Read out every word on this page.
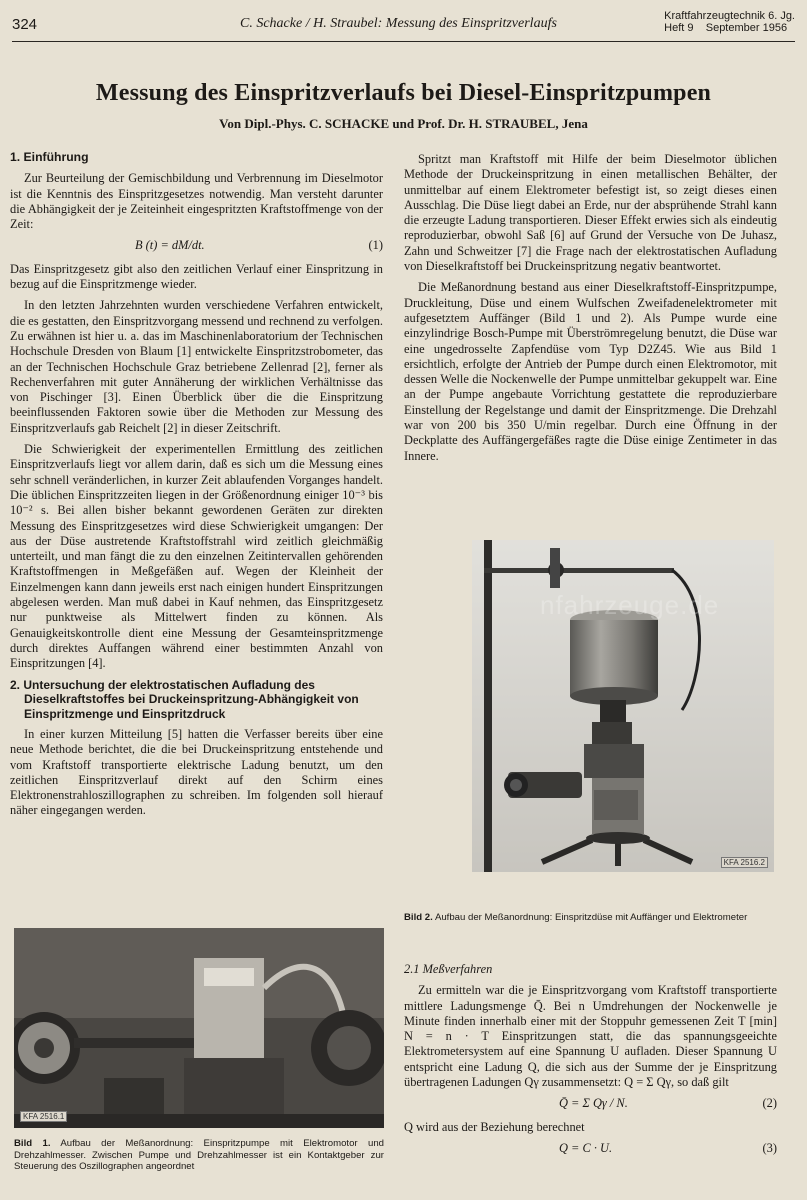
324	C. Schacke / H. Straubel: Messung des Einspritzverlaufs	Kraftfahrzeugtechnik 6. Jg.
Heft 9 September 1956
Messung des Einspritzverlaufs bei Diesel-Einspritzpumpen
Von Dipl.-Phys. C. SCHACKE und Prof. Dr. H. STRAUBEL, Jena
1. Einführung

Zur Beurteilung der Gemischbildung und Verbrennung im Dieselmotor ist die Kenntnis des Einspritzgesetzes notwendig. Man versteht darunter die Abhängigkeit der je Zeiteinheit eingespritzten Kraftstoffmenge von der Zeit:

B (t) = dM/dt.	(1)

Das Einspritzgesetz gibt also den zeitlichen Verlauf einer Einspritzung in bezug auf die Einspritzmenge wieder.

In den letzten Jahrzehnten wurden verschiedene Verfahren entwickelt, die es gestatten, den Einspritzvorgang messend und rechnend zu verfolgen. Zu erwähnen ist hier u. a. das im Maschinenlaboratorium der Technischen Hochschule Dresden von Blaum [1] entwickelte Einspritzstrobometer, das an der Technischen Hochschule Graz betriebene Zellenrad [2], ferner als Rechenverfahren mit guter Annäherung der wirklichen Verhältnisse das von Pischinger [3]. Einen Überblick über die die Einspritzung beeinflussenden Faktoren sowie über die Methoden zur Messung des Einspritzverlaufs gab Reichelt [2] in dieser Zeitschrift.

Die Schwierigkeit der experimentellen Ermittlung des zeitlichen Einspritzverlaufs liegt vor allem darin, daß es sich um die Messung eines sehr schnell veränderlichen, in kurzer Zeit ablaufenden Vorganges handelt. Die üblichen Einspritzzeiten liegen in der Größenordnung einiger 10⁻³ bis 10⁻² s. Bei allen bisher bekannt gewordenen Geräten zur direkten Messung des Einspritzgesetzes wird diese Schwierigkeit umgangen: Der aus der Düse austretende Kraftstoffstrahl wird zeitlich gleichmäßig unterteilt, und man fängt die zu den einzelnen Zeitintervallen gehörenden Kraftstoffmengen in Meßgefäßen auf. Wegen der Kleinheit der Einzelmengen kann dann jeweils erst nach einigen hundert Einspritzungen abgelesen werden. Man muß dabei in Kauf nehmen, das Einspritzgesetz nur punktweise als Mittelwert finden zu können. Als Genauigkeitskontrolle dient eine Messung der Gesamteinspritzmenge durch direktes Auffangen während einer bestimmten Anzahl von Einspritzungen [4].

2. Untersuchung der elektrostatischen Aufladung des Dieselkraftstoffes bei Druckeinspritzung-Abhängigkeit von Einspritzmenge und Einspritzdruck

In einer kurzen Mitteilung [5] hatten die Verfasser bereits über eine neue Methode berichtet, die die bei Druckeinspritzung entstehende und vom Kraftstoff transportierte elektrische Ladung benutzt, um den zeitlichen Einspritzverlauf direkt auf den Schirm eines Elektronenstrahloszillographen zu schreiben. Im folgenden soll hierauf näher eingegangen werden.

Spritzt man Kraftstoff mit Hilfe der beim Dieselmotor üblichen Methode der Druckeinspritzung in einen metallischen Behälter, der unmittelbar auf einem Elektrometer befestigt ist, so zeigt dieses einen Ausschlag. Die Düse liegt dabei an Erde, nur der absprühende Strahl kann die erzeugte Ladung transportieren. Dieser Effekt erwies sich als eindeutig reproduzierbar, obwohl Saß [6] auf Grund der Versuche von De Juhasz, Zahn und Schweitzer [7] die Frage nach der elektrostatischen Aufladung von Dieselkraftstoff bei Druckeinspritzung negativ beantwortet.

Die Meßanordnung bestand aus einer Dieselkraftstoff-Einspritzpumpe, Druckleitung, Düse und einem Wulfschen Zweifadenelektrometer mit aufgesetztem Auffänger (Bild 1 und 2). Als Pumpe wurde eine einzylindrige Bosch-Pumpe mit Überströmregelung benutzt, die Düse war eine ungedrosselte Zapfendüse vom Typ D2Z45. Wie aus Bild 1 ersichtlich, erfolgte der Antrieb der Pumpe durch einen Elektromotor, mit dessen Welle die Nockenwelle der Pumpe unmittelbar gekuppelt war. Eine an der Pumpe angebaute Vorrichtung gestattete die reproduzierbare Einstellung der Regelstange und damit der Einspritzmenge. Die Drehzahl war von 200 bis 350 U/min regelbar. Durch eine Öffnung in der Deckplatte des Auffängergefäßes ragte die Düse einige Zentimeter in das Innere.

KFA 2516.2
nfahrzeuge.de
Bild 2. Aufbau der Meßanordnung: Einspritzdüse mit Auffänger und Elektrometer
2.1 Meßverfahren

Zu ermitteln war die je Einspritzvorgang vom Kraftstoff transportierte mittlere Ladungsmenge Q̄. Bei n Umdrehungen der Nockenwelle je Minute finden innerhalb einer mit der Stoppuhr gemessenen Zeit T [min] N = n · T Einspritzungen statt, die das spannungsgeeichte Elektrometersystem auf eine Spannung U aufladen. Dieser Spannung U entspricht eine Ladung Q, die sich aus der Summe der je Einspritzung übertragenen Ladungen Qγ zusammensetzt: Q = Σ Qγ, so daß gilt

Q̄ = Σ Qγ / N.	(2)

Q wird aus der Beziehung berechnet

Q = C · U.	(3)
KFA 2516.1
Bild 1. Aufbau der Meßanordnung: Einspritzpumpe mit Elektromotor und Drehzahlmesser. Zwischen Pumpe und Drehzahlmesser ist ein Kontaktgeber zur Steuerung des Oszillographen angeordnet
